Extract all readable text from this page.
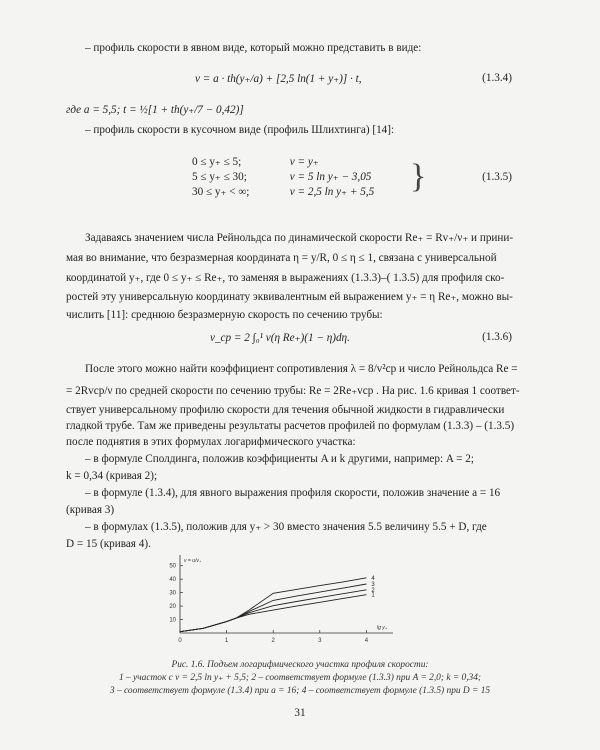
– профиль скорости в явном виде, который можно представить в виде:
v = a · th(y₊/a) + [2,5 ln(1 + y₊)] · t,	(1.3.4)
где a = 5,5; t = ½[1 + th(y₊/7 − 0,42)]
– профиль скорости в кусочном виде (профиль Шлихтинга) [14]:
0 ≤ y₊ ≤ 5;	v = y₊
5 ≤ y₊ ≤ 30;	v = 5 ln y₊ − 3,05
30 ≤ y₊ < ∞;	v = 2,5 ln y₊ + 5,5 }	(1.3.5)
Задаваясь значением числа Рейнольдса по динамической скорости Re₊ = Rv₊/ν₊ и прини-
мая во внимание, что безразмерная координата η = y/R, 0 ≤ η ≤ 1, связана с универсальной
координатой y₊, где 0 ≤ y₊ ≤ Re₊, то заменяя в выражениях (1.3.3)–( 1.3.5) для профиля ско-
ростей эту универсальную координату эквивалентным ей выражением y₊ = η Re₊, можно вы-
числить [11]: среднюю безразмерную скорость по сечению трубы:
v_ср = 2 ∫₀¹ v(η Re₊)(1 − η)dη.	(1.3.6)
После этого можно найти коэффициент сопротивления λ = 8/v²ср и число Рейнольдса Re =
= 2Rvср/ν по средней скорости по сечению трубы: Re = 2Re₊vср . На рис. 1.6 кривая 1 соответ-
ствует универсальному профилю скорости для течения обычной жидкости в гидравлически
гладкой трубе. Там же приведены результаты расчетов профилей по формулам (1.3.3) – (1.3.5)
после поднятия в этих формулах логарифмического участка:
– в формуле Сполдинга, положив коэффициенты A и k другими, например: A = 2;
k = 0,34 (кривая 2);
– в формуле (1.3.4), для явного выражения профиля скорости, положив значение a = 16
(кривая 3)
– в формулах (1.3.5), положив для y₊ > 30 вместо значения 5.5 величину 5.5 + D, где
D = 15 (кривая 4).
0	1	2	3	4
10
20
30
40
50
v = u/v₊
lg y₊
1
2
3
4
Рис. 1.6. Подъем логарифмического участка профиля скорости:
1 – участок с v = 2,5 ln y₊ + 5,5; 2 – соответствует формуле (1.3.3) при A = 2,0; k = 0,34;
3 – соответствует формуле (1.3.4) при a = 16; 4 – соответствует формуле (1.3.5) при D = 15
31
